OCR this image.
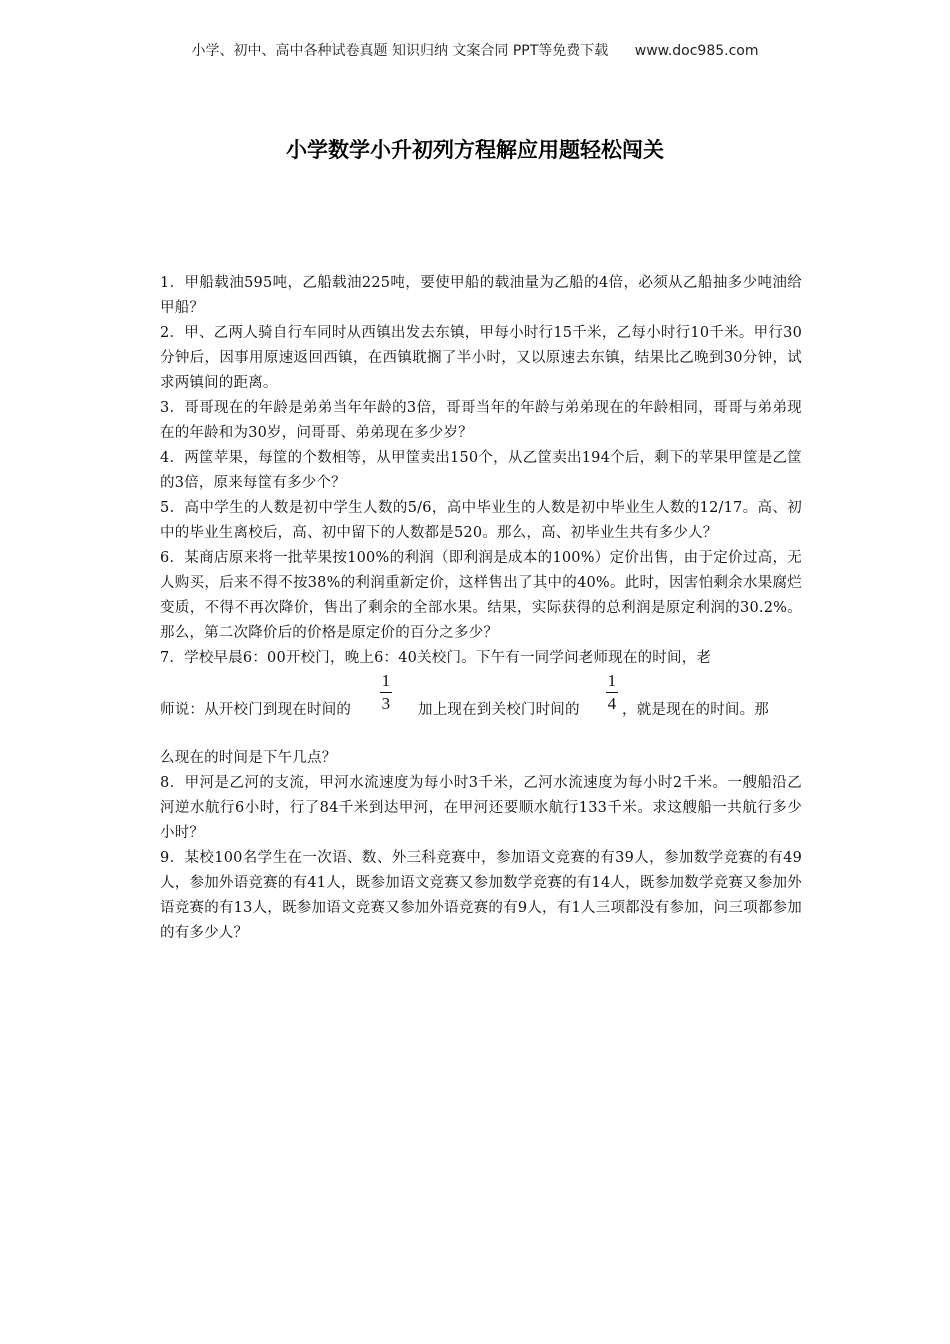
小学、初中、高中各种试卷真题 知识归纳 文案合同 PPT等免费下载 www.doc985.com
小学数学小升初列方程解应用题轻松闯关

1．甲船载油595吨，乙船载油225吨，要使甲船的载油量为乙船的4倍，必须从乙船抽多少吨油给甲船？

2．甲、乙两人骑自行车同时从西镇出发去东镇，甲每小时行15千米，乙每小时行10千米。甲行30分钟后，因事用原速返回西镇，在西镇耽搁了半小时，又以原速去东镇，结果比乙晚到30分钟，试求两镇间的距离。

3．哥哥现在的年龄是弟弟当年年龄的3倍，哥哥当年的年龄与弟弟现在的年龄相同，哥哥与弟弟现在的年龄和为30岁，问哥哥、弟弟现在多少岁？

4．两筐苹果，每筐的个数相等，从甲筐卖出150个，从乙筐卖出194个后，剩下的苹果甲筐是乙筐的3倍，原来每筐有多少个？

5．高中学生的人数是初中学生人数的5/6，高中毕业生的人数是初中毕业生人数的12/17。高、初中的毕业生离校后，高、初中留下的人数都是520。那么，高、初毕业生共有多少人？

6．某商店原来将一批苹果按100%的利润（即利润是成本的100%）定价出售，由于定价过高，无人购买，后来不得不按38%的利润重新定价，这样售出了其中的40%。此时，因害怕剩余水果腐烂变质，不得不再次降价，售出了剩余的全部水果。结果，实际获得的总利润是原定利润的30.2%。那么，第二次降价后的价格是原定价的百分之多少？

7．学校早晨6：00开校门，晚上6：40关校门。下午有一同学问老师现在的时间，老
师说：从开校门到现在时间的
1
3 加上现在到关校门时间的
1
4 ，就是现在的时间。那
么现在的时间是下午几点？

8．甲河是乙河的支流，甲河水流速度为每小时3千米，乙河水流速度为每小时2千米。一艘船沿乙河逆水航行6小时，行了84千米到达甲河，在甲河还要顺水航行133千米。求这艘船一共航行多少小时？

9．某校100名学生在一次语、数、外三科竞赛中，参加语文竞赛的有39人，参加数学竞赛的有49人，参加外语竞赛的有41人，既参加语文竞赛又参加数学竞赛的有14人，既参加数学竞赛又参加外语竞赛的有13人，既参加语文竞赛又参加外语竞赛的有9人，有1人三项都没有参加，问三项都参加的有多少人？
